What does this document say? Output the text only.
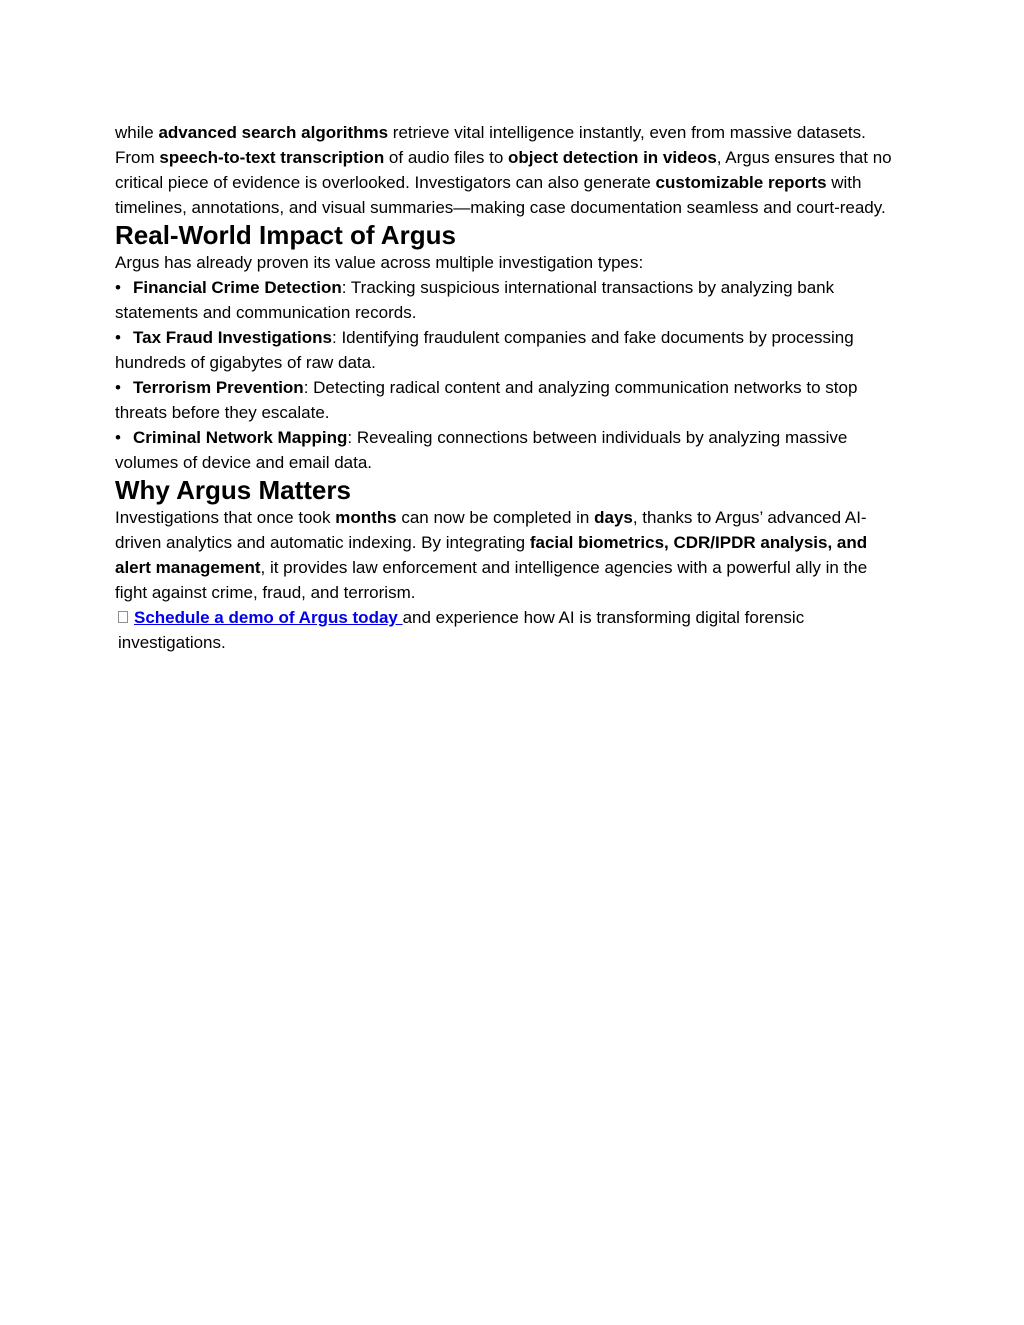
while advanced search algorithms retrieve vital intelligence instantly, even from massive datasets.

From speech-to-text transcription of audio files to object detection in videos, Argus ensures that no critical piece of evidence is overlooked. Investigators can also generate customizable reports with timelines, annotations, and visual summaries—making case documentation seamless and court-ready.

Real-World Impact of Argus

Argus has already proven its value across multiple investigation types:

• Financial Crime Detection: Tracking suspicious international transactions by analyzing bank statements and communication records.

• Tax Fraud Investigations: Identifying fraudulent companies and fake documents by processing hundreds of gigabytes of raw data.

• Terrorism Prevention: Detecting radical content and analyzing communication networks to stop threats before they escalate.

• Criminal Network Mapping: Revealing connections between individuals by analyzing massive volumes of device and email data.

Why Argus Matters

Investigations that once took months can now be completed in days, thanks to Argus’ advanced AI-driven analytics and automatic indexing. By integrating facial biometrics, CDR/IPDR analysis, and alert management, it provides law enforcement and intelligence agencies with a powerful ally in the fight against crime, fraud, and terrorism.

Schedule a demo of Argus today and experience how AI is transforming digital forensic investigations.
